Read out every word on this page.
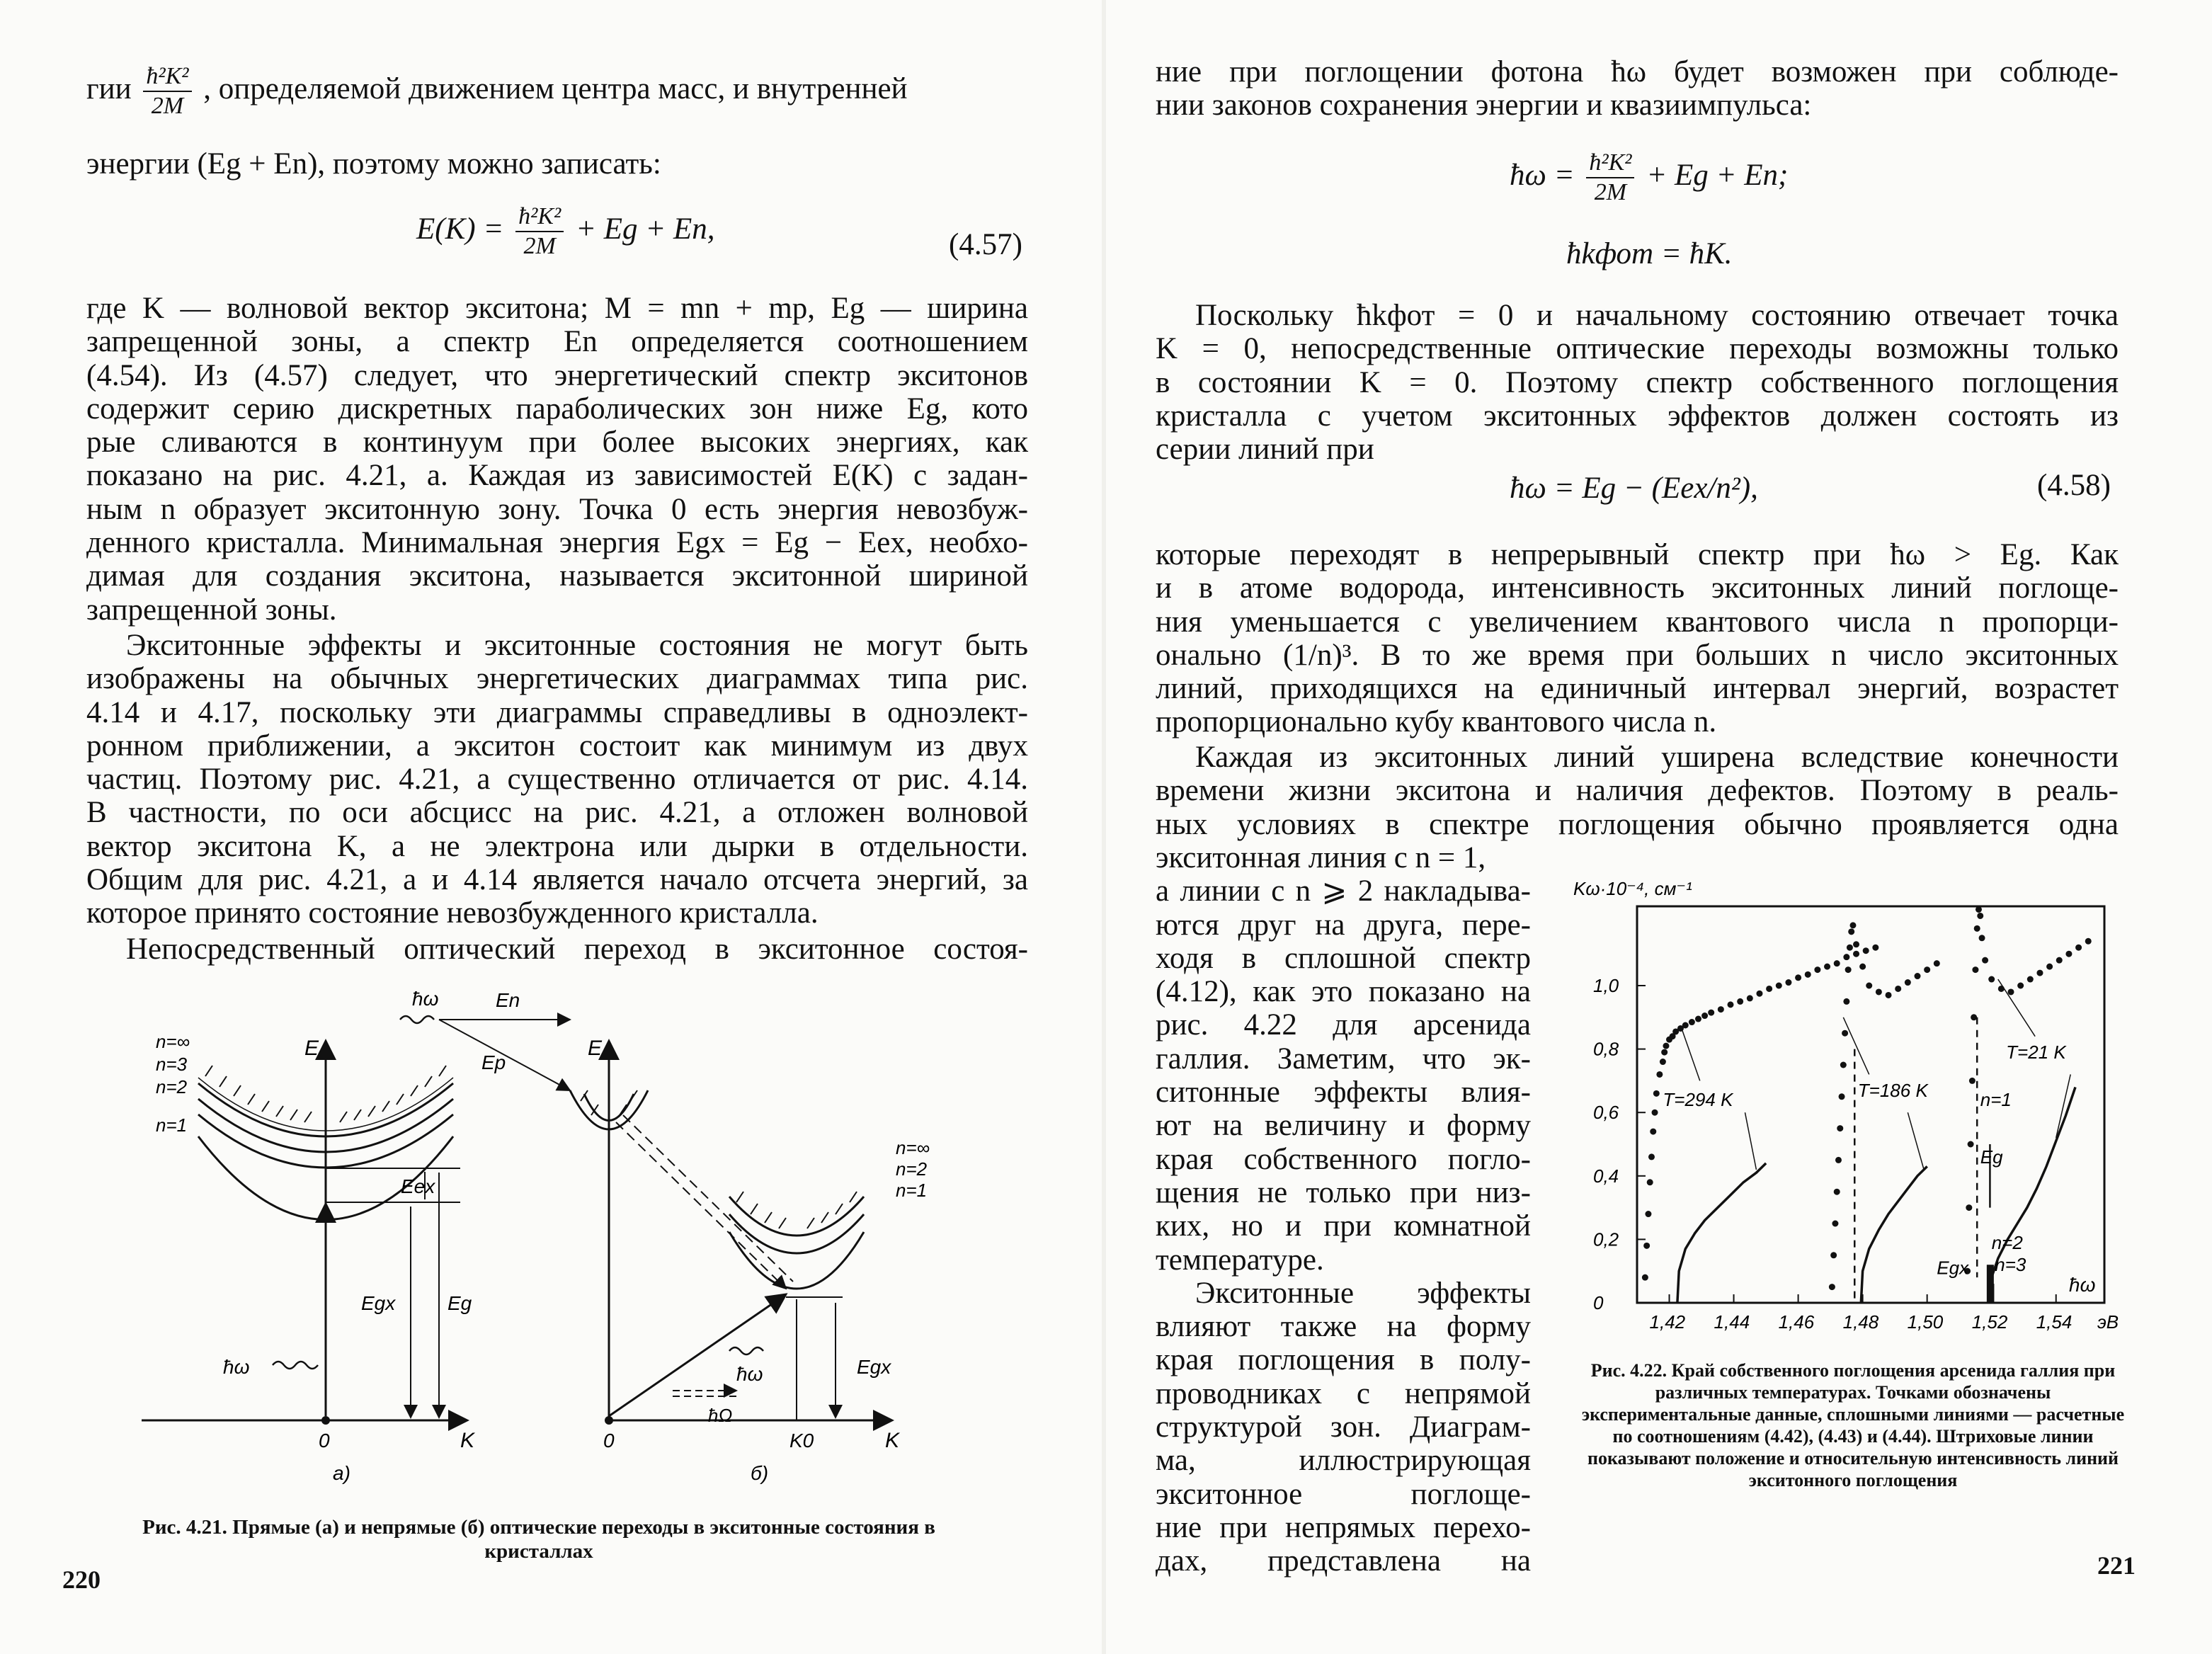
гии $\frac{\text{ħ²K²}}{2M}$ , определяемой движением центра масс, и внутренней
энергии (Eg + En), поэтому можно записать:
$E(K) = \frac{\text{ħ²K²}}{2M} + Eg + En$,	(4.57)
где K — волновой вектор экситона; M = mn + mp, Eg — ширина
запрещенной зоны, а спектр En определяется соотношением
(4.54). Из (4.57) следует, что энергетический спектр экситонов
содержит серию дискретных параболических зон ниже Eg, кото
рые сливаются в континуум при более высоких энергиях, как
показано на рис. 4.21, а. Каждая из зависимостей E(K) с задан-
ным n образует экситонную зону. Точка 0 есть энергия невозбуж-
денного кристалла. Минимальная энергия Egx = Eg − Eex, необхо-
димая для создания экситона, называется экситонной шириной
запрещенной зоны.
Экситонные эффекты и экситонные состояния не могут быть
изображены на обычных энергетических диаграммах типа рис.
4.14 и 4.17, поскольку эти диаграммы справедливы в одноэлект-
ронном приближении, а экситон состоит как минимум из двух
частиц. Поэтому рис. 4.21, а существенно отличается от рис. 4.14.
В частности, по оси абсцисс на рис. 4.21, а отложен волновой
вектор экситона K, а не электрона или дырки в отдельности.
Общим для рис. 4.21, а и 4.14 является начало отсчета энергий, за
которое принято состояние невозбужденного кристалла.
Непосредственный оптический переход в экситонное состоя-
n=∞
n=3
n=2
n=1
E
Eex
Egx	Eg
ħω
0	K
а)
ħω	En
Ep
E
n=∞
n=2
n=1
ħω
ħΩ
Egx
0	K0	K
б)
Рис. 4.21. Прямые (а) и непрямые (б) оптические переходы в экситонные состояния в кристаллах
220
ние при поглощении фотона ħω будет возможен при соблюде-
нии законов сохранения энергии и квазиимпульса:
ħω = $\frac{\text{ħ²K²}}{2M} + Eg + En$;
ħkфот = ħK.
Поскольку ħkфот = 0 и начальному состоянию отвечает точка
K = 0, непосредственные оптические переходы возможны только
в состоянии K = 0. Поэтому спектр собственного поглощения
кристалла с учетом экситонных эффектов должен состоять из
серии линий при
ħω = Eg − (Eex/n²),	(4.58)
которые переходят в непрерывный спектр при ħω > Eg. Как
и в атоме водорода, интенсивность экситонных линий поглоще-
ния уменьшается с увеличением квантового числа n пропорци-
онально (1/n)³. В то же время при больших n число экситонных
линий, приходящихся на единичный интервал энергий, возрастет
пропорционально кубу квантового числа n.
Каждая из экситонных линий уширена вследствие конечности
времени жизни экситона и наличия дефектов. Поэтому в реаль-
ных условиях в спектре поглощения обычно проявляется одна
экситонная линия с n = 1,
а линии с n ⩾ 2 накладыва-
ются друг на друга, пере-
ходя в сплошной спектр
(4.12), как это показано на
рис. 4.22 для арсенида
галлия. Заметим, что эк-
ситонные эффекты влия-
ют на величину и форму
края собственного погло-
щения не только при низ-
ких, но и при комнатной
температуре.
Экситонные эффекты
влияют также на форму
края поглощения в полу-
проводниках с непрямой
структурой зон. Диаграм-
ма, иллюстрирующая
экситонное поглоще-
ние при непрямых перехо-
дах, представлена на
1,42 1,44 1,46 1,48 1,50 1,52 1,54
0
0,2
0,4
0,6
0,8
1,0
Kω·10⁻⁴, см⁻¹
ħω
эВ
T=294 K	T=186 K
T=21 K
n=1
Eg
n=2
n=3
Egx
Рис. 4.22. Край собственного поглощения арсенида галлия при различных температурах. Точками обозначены экспериментальные данные, сплошными линиями — расчетные по соотношениям (4.42), (4.43) и (4.44). Штриховые линии показывают положение и относительную интенсивность линий экситонного поглощения
221
